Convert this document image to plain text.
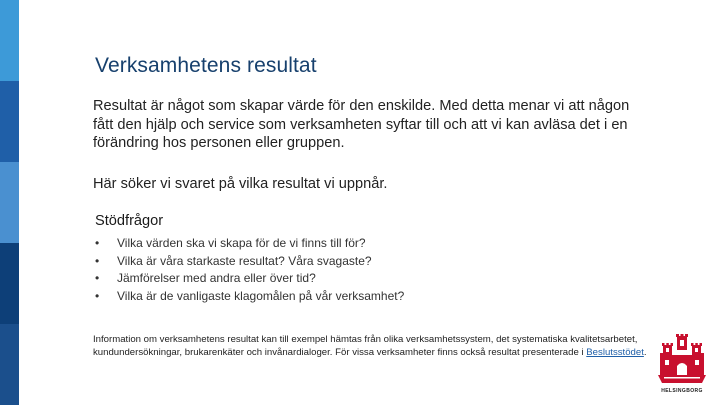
Verksamhetens resultat

Resultat är något som skapar värde för den enskilde. Med detta menar vi att någon fått den hjälp och service som verksamheten syftar till och att vi kan avläsa det i en förändring hos personen eller gruppen.

Här söker vi svaret på vilka resultat vi uppnår.

Stödfrågor

• Vilka värden ska vi skapa för de vi finns till för?
• Vilka är våra starkaste resultat? Våra svagaste?
• Jämförelser med andra eller över tid?
• Vilka är de vanligaste klagomålen på vår verksamhet?

Information om verksamhetens resultat kan till exempel hämtas från olika verksamhetssystem, det systematiska kvalitetsarbetet, kundundersökningar, brukarenkäter och invånardialoger. För vissa verksamheter finns också resultat presenterade i Beslutsstödet.

HELSINGBORG
